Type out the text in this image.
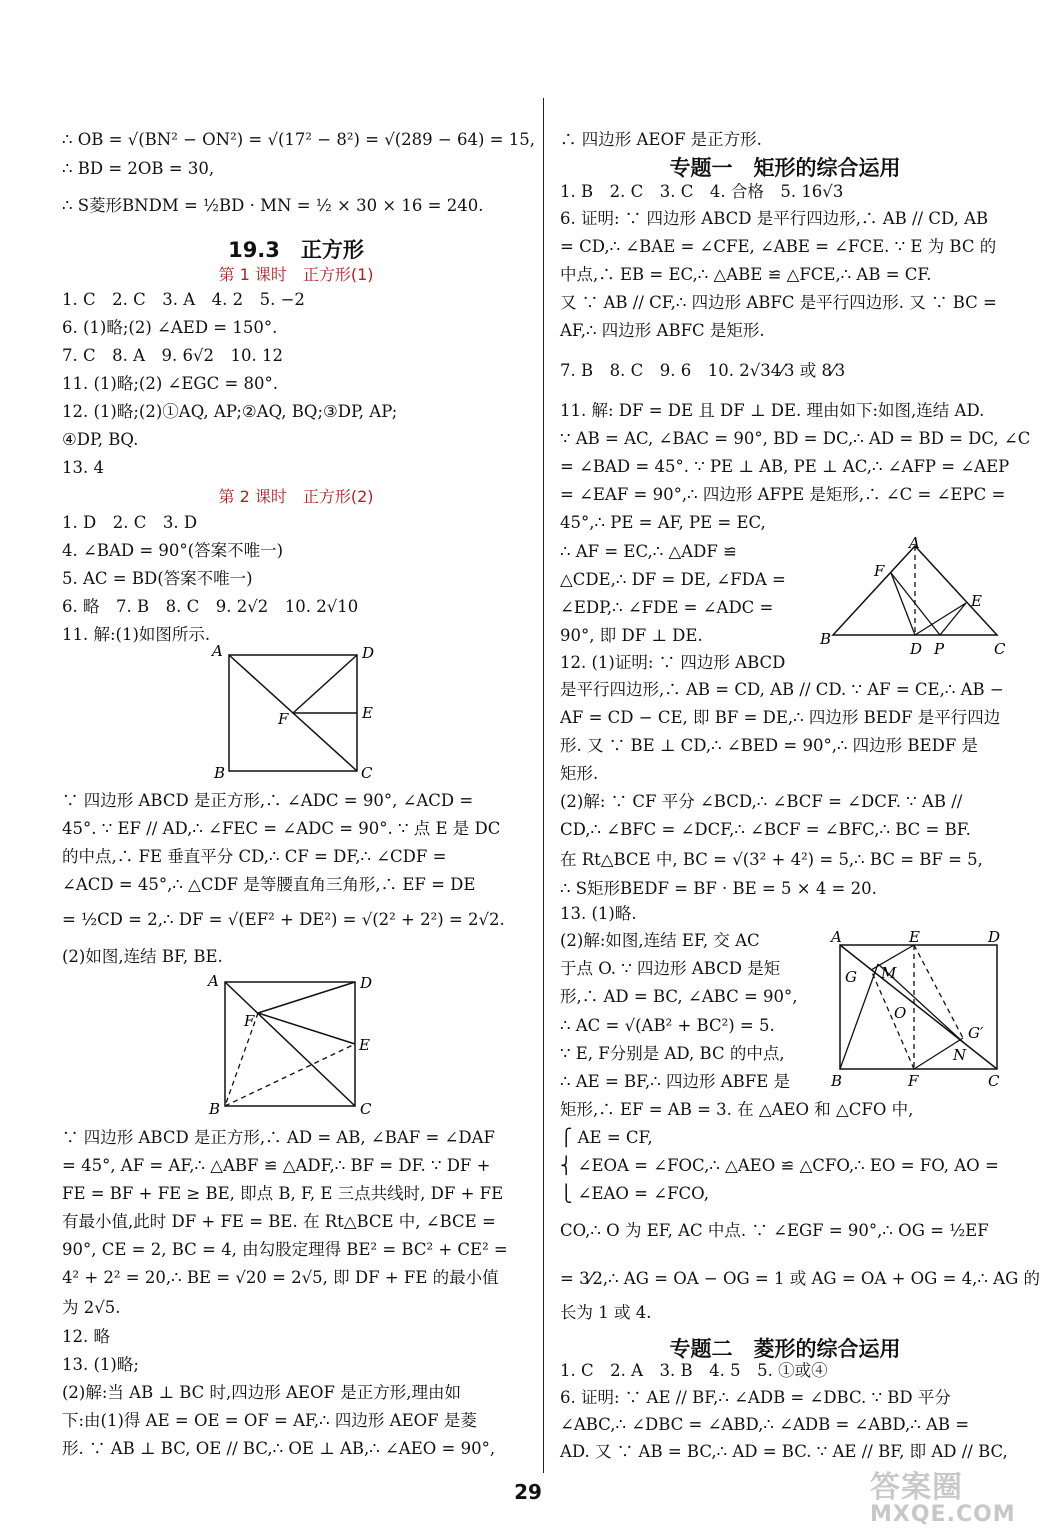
∴ OB = √(BN² − ON²) = √(17² − 8²) = √(289 − 64) = 15,
∴ BD = 2OB = 30,
∴ S菱形BNDM = ½BD · MN = ½ × 30 × 16 = 240.
19.3　正方形
第 1 课时　正方形(1)
1. C　2. C　3. A　4. 2　5. −2
6. (1)略;(2) ∠AED = 150°.
7. C　8. A　9. 6√2　10. 12
11. (1)略;(2) ∠EGC = 80°.
12. (1)略;(2)①AQ, AP;②AQ, BQ;③DP, AP;
④DP, BQ.
13. 4
第 2 课时　正方形(2)
1. D　2. C　3. D
4. ∠BAD = 90°(答案不唯一)
5. AC = BD(答案不唯一)
6. 略　7. B　8. C　9. 2√2　10. 2√10
11. 解:(1)如图所示.
A	D
E
F
B	C
∵ 四边形 ABCD 是正方形,∴ ∠ADC = 90°, ∠ACD =
45°. ∵ EF // AD,∴ ∠FEC = ∠ADC = 90°. ∵ 点 E 是 DC
的中点,∴ FE 垂直平分 CD,∴ CF = DF,∴ ∠CDF =
∠ACD = 45°,∴ △CDF 是等腰直角三角形,∴ EF = DE
= ½CD = 2,∴ DF = √(EF² + DE²) = √(2² + 2²) = 2√2.
(2)如图,连结 BF, BE.
A	D
E
F
B	C
∵ 四边形 ABCD 是正方形,∴ AD = AB, ∠BAF = ∠DAF
= 45°, AF = AF,∴ △ABF ≌ △ADF,∴ BF = DF. ∵ DF +
FE = BF + FE ≥ BE, 即点 B, F, E 三点共线时, DF + FE
有最小值,此时 DF + FE = BE. 在 Rt△BCE 中, ∠BCE =
90°, CE = 2, BC = 4, 由勾股定理得 BE² = BC² + CE² =
4² + 2² = 20,∴ BE = √20 = 2√5, 即 DF + FE 的最小值
为 2√5.
12. 略
13. (1)略;
(2)解:当 AB ⊥ BC 时,四边形 AEOF 是正方形,理由如
下:由(1)得 AE = OE = OF = AF,∴ 四边形 AEOF 是菱
形. ∵ AB ⊥ BC, OE // BC,∴ OE ⊥ AB,∴ ∠AEO = 90°,
∴ 四边形 AEOF 是正方形.
专题一　矩形的综合运用
1. B　2. C　3. C　4. 合格　5. 16√3
6. 证明: ∵ 四边形 ABCD 是平行四边形,∴ AB // CD, AB
= CD,∴ ∠BAE = ∠CFE, ∠ABE = ∠FCE. ∵ E 为 BC 的
中点,∴ EB = EC,∴ △ABE ≌ △FCE,∴ AB = CF.
又 ∵ AB // CF,∴ 四边形 ABFC 是平行四边形. 又 ∵ BC =
AF,∴ 四边形 ABFC 是矩形.
7. B　8. C　9. 6　10. 2√34⁄3 或 8⁄3
11. 解: DF = DE 且 DF ⊥ DE. 理由如下:如图,连结 AD.
∵ AB = AC, ∠BAC = 90°, BD = DC,∴ AD = BD = DC, ∠C
= ∠BAD = 45°. ∵ PE ⊥ AB, PE ⊥ AC,∴ ∠AFP = ∠AEP
= ∠EAF = 90°,∴ 四边形 AFPE 是矩形,∴ ∠C = ∠EPC =
45°,∴ PE = AF, PE = EC,
∴ AF = EC,∴ △ADF ≌
△CDE,∴ DF = DE, ∠FDA =
∠EDP,∴ ∠FDE = ∠ADC =
90°, 即 DF ⊥ DE.
A
F
E
B
D P	C
12. (1)证明: ∵ 四边形 ABCD
是平行四边形,∴ AB = CD, AB // CD. ∵ AF = CE,∴ AB −
AF = CD − CE, 即 BF = DE,∴ 四边形 BEDF 是平行四边
形. 又 ∵ BE ⊥ CD,∴ ∠BED = 90°,∴ 四边形 BEDF 是
矩形.
(2)解: ∵ CF 平分 ∠BCD,∴ ∠BCF = ∠DCF. ∵ AB //
CD,∴ ∠BFC = ∠DCF,∴ ∠BCF = ∠BFC,∴ BC = BF.
在 Rt△BCE 中, BC = √(3² + 4²) = 5,∴ BC = BF = 5,
∴ S矩形BEDF = BF · BE = 5 × 4 = 20.
13. (1)略.
(2)解:如图,连结 EF, 交 AC
于点 O. ∵ 四边形 ABCD 是矩
形,∴ AD = BC, ∠ABC = 90°,
∴ AC = √(AB² + BC²) = 5.
∵ E, F分别是 AD, BC 的中点,
∴ AE = BF,∴ 四边形 ABFE 是
A	E	D
G M
O
G′
N
B	F	C
矩形,∴ EF = AB = 3. 在 △AEO 和 △CFO 中,
⎧ AE = CF,
⎨ ∠EOA = ∠FOC,∴ △AEO ≌ △CFO,∴ EO = FO, AO =
⎩ ∠EAO = ∠FCO,
CO,∴ O 为 EF, AC 中点. ∵ ∠EGF = 90°,∴ OG = ½EF
= 3⁄2,∴ AG = OA − OG = 1 或 AG = OA + OG = 4,∴ AG 的
长为 1 或 4.
专题二　菱形的综合运用
1. C　2. A　3. B　4. 5　5. ①或④
6. 证明: ∵ AE // BF,∴ ∠ADB = ∠DBC. ∵ BD 平分
∠ABC,∴ ∠DBC = ∠ABD,∴ ∠ADB = ∠ABD,∴ AB =
AD. 又 ∵ AB = BC,∴ AD = BC. ∵ AE // BF, 即 AD // BC,
29	答案圈
MXQE.COM
